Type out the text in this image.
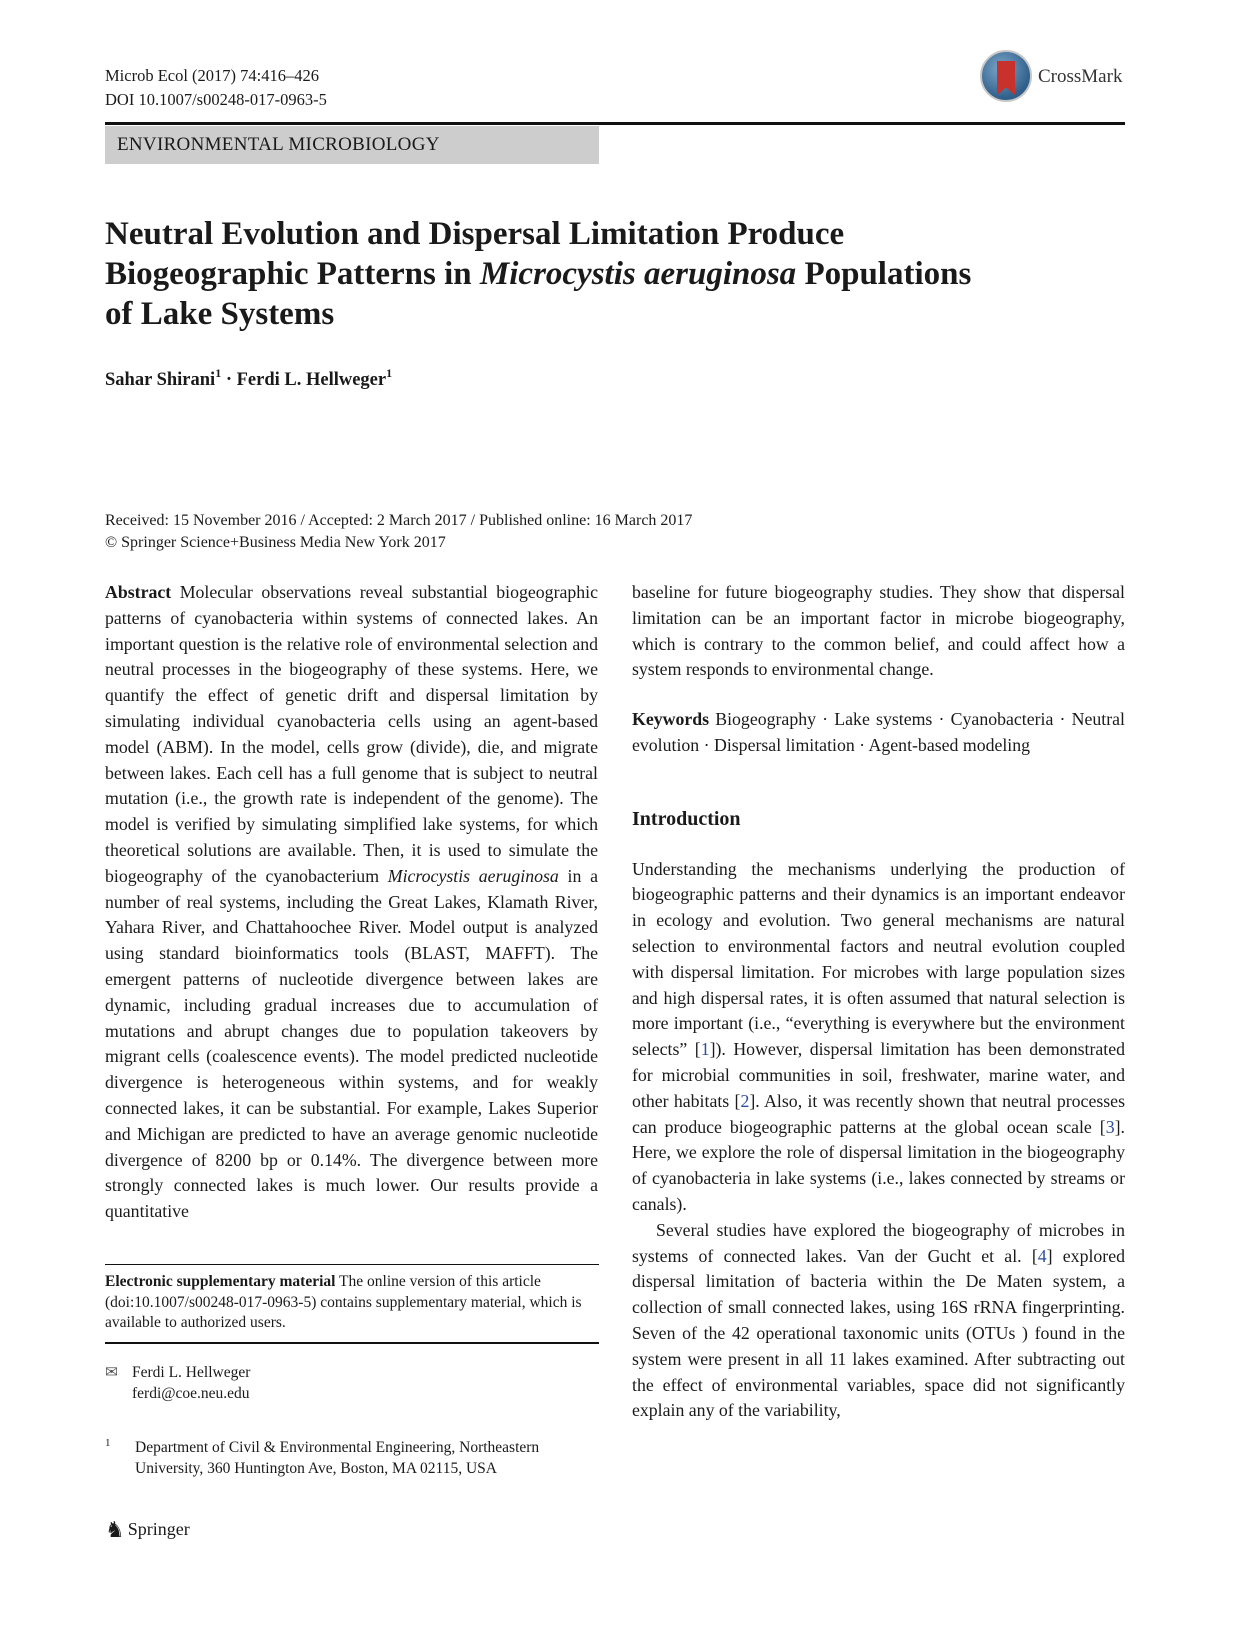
Microb Ecol (2017) 74:416–426
DOI 10.1007/s00248-017-0963-5
CrossMark
ENVIRONMENTAL MICROBIOLOGY
Neutral Evolution and Dispersal Limitation Produce
Biogeographic Patterns in Microcystis aeruginosa Populations
of Lake Systems
Sahar Shirani$^1$ · Ferdi L. Hellweger$^1$
Received: 15 November 2016 / Accepted: 2 March 2017 / Published online: 16 March 2017
© Springer Science+Business Media New York 2017

Abstract Molecular observations reveal substantial biogeographic patterns of cyanobacteria within systems of connected lakes. An important question is the relative role of environmental selection and neutral processes in the biogeography of these systems. Here, we quantify the effect of genetic drift and dispersal limitation by simulating individual cyanobacteria cells using an agent-based model (ABM). In the model, cells grow (divide), die, and migrate between lakes. Each cell has a full genome that is subject to neutral mutation (i.e., the growth rate is independent of the genome). The model is verified by simulating simplified lake systems, for which theoretical solutions are available. Then, it is used to simulate the biogeography of the cyanobacterium Microcystis aeruginosa in a number of real systems, including the Great Lakes, Klamath River, Yahara River, and Chattahoochee River. Model output is analyzed using standard bioinformatics tools (BLAST, MAFFT). The emergent patterns of nucleotide divergence between lakes are dynamic, including gradual increases due to accumulation of mutations and abrupt changes due to population takeovers by migrant cells (coalescence events). The model predicted nucleotide divergence is heterogeneous within systems, and for weakly connected lakes, it can be substantial. For example, Lakes Superior and Michigan are predicted to have an average genomic nucleotide divergence of 8200 bp or 0.14%. The divergence between more strongly connected lakes is much lower. Our results provide a quantitative

baseline for future biogeography studies. They show that dispersal limitation can be an important factor in microbe biogeography, which is contrary to the common belief, and could affect how a system responds to environmental change.

Keywords Biogeography · Lake systems · Cyanobacteria · Neutral evolution · Dispersal limitation · Agent-based modeling

Introduction

Understanding the mechanisms underlying the production of biogeographic patterns and their dynamics is an important endeavor in ecology and evolution. Two general mechanisms are natural selection to environmental factors and neutral evolution coupled with dispersal limitation. For microbes with large population sizes and high dispersal rates, it is often assumed that natural selection is more important (i.e., “everything is everywhere but the environment selects” [1]). However, dispersal limitation has been demonstrated for microbial communities in soil, freshwater, marine water, and other habitats [2]. Also, it was recently shown that neutral processes can produce biogeographic patterns at the global ocean scale [3]. Here, we explore the role of dispersal limitation in the biogeography of cyanobacteria in lake systems (i.e., lakes connected by streams or canals).

Several studies have explored the biogeography of microbes in systems of connected lakes. Van der Gucht et al. [4] explored dispersal limitation of bacteria within the De Maten system, a collection of small connected lakes, using 16S rRNA fingerprinting. Seven of the 42 operational taxonomic units (OTUs ) found in the system were present in all 11 lakes examined. After subtracting out the effect of environmental variables, space did not significantly explain any of the variability,

Electronic supplementary material The online version of this article (doi:10.1007/s00248-017-0963-5) contains supplementary material, which is available to authorized users.
✉ Ferdi L. Hellweger
ferdi@coe.neu.edu
1 Department of Civil & Environmental Engineering, Northeastern University, 360 Huntington Ave, Boston, MA 02115, USA
♞ Springer
